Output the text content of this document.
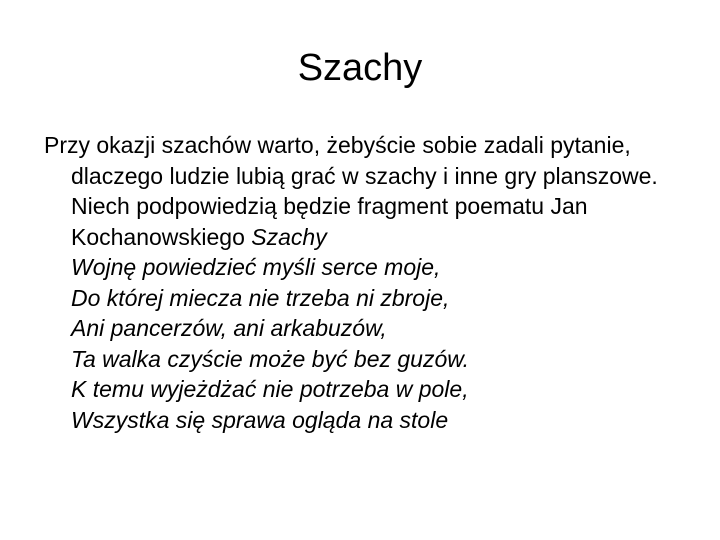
Szachy

Przy okazji szachów warto, żebyście sobie zadali pytanie, dlaczego ludzie lubią grać w szachy i inne gry planszowe. Niech podpowiedzią będzie fragment poematu Jan Kochanowskiego Szachy

Wojnę powiedzieć myśli serce moje,
Do której miecza nie trzeba ni zbroje,
Ani pancerzów, ani arkabuzów,
Ta walka czyście może być bez guzów.
K temu wyjeżdżać nie potrzeba w pole,
Wszystka się sprawa ogląda na stole
